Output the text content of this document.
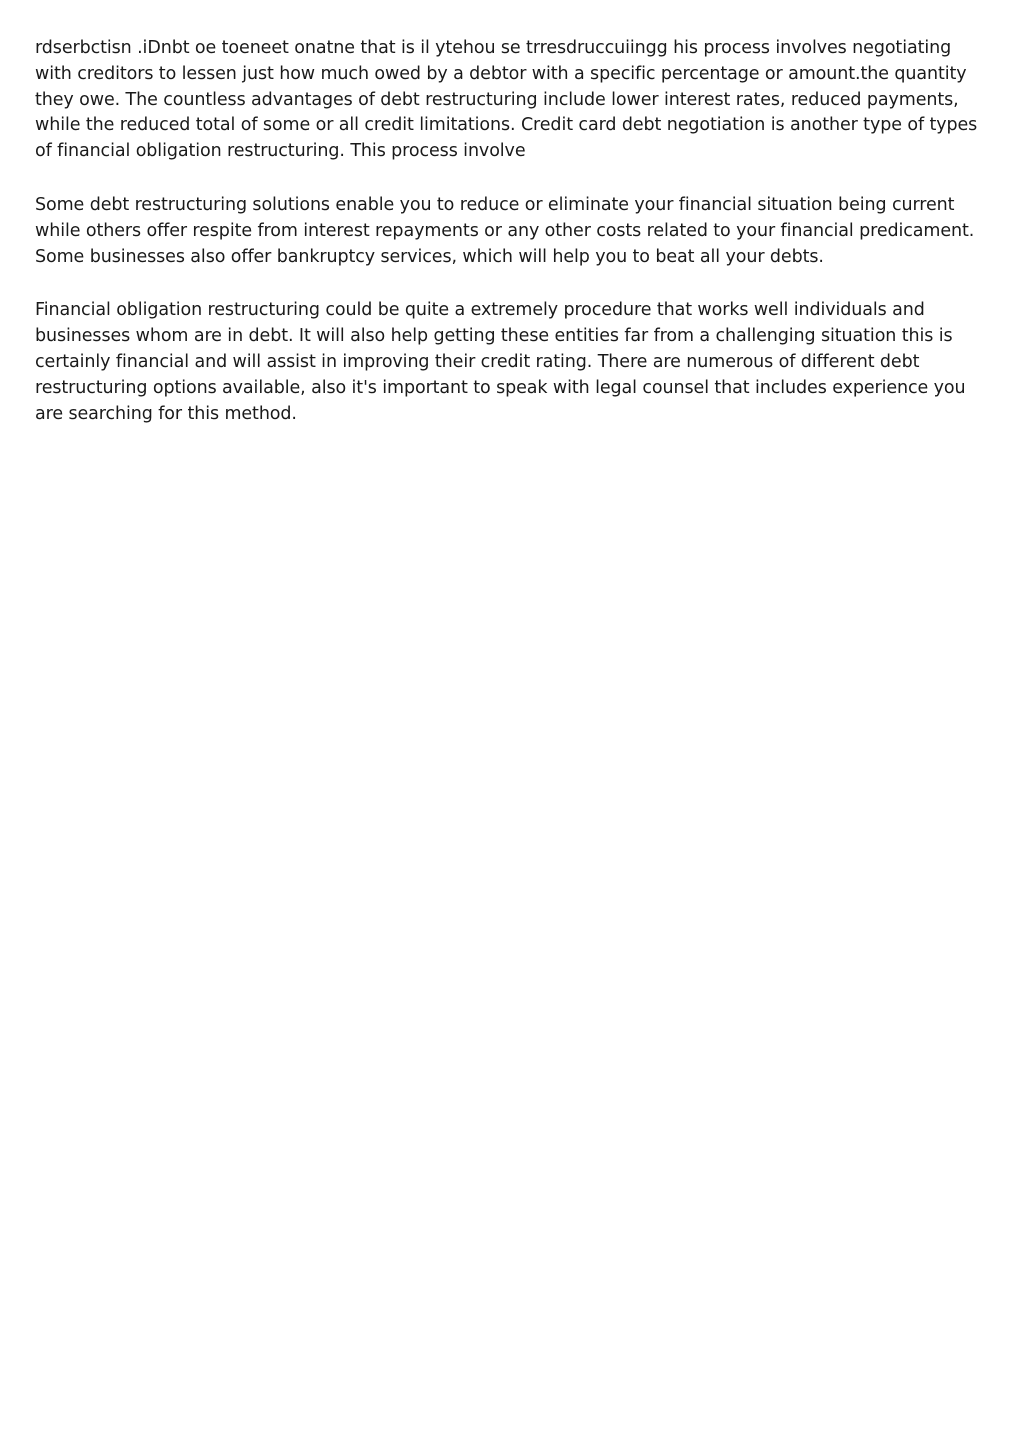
rdserbctisn .iDnbt oe toeneet onatne that is il ytehou se trresdruccuiingg his process involves negotiating with creditors to lessen just how much owed by a debtor with a specific percentage or amount.the quantity they owe. The countless advantages of debt restructuring include lower interest rates, reduced payments, while the reduced total of some or all credit limitations. Credit card debt negotiation is another type of types of financial obligation restructuring. This process involve

Some debt restructuring solutions enable you to reduce or eliminate your financial situation being current while others offer respite from interest repayments or any other costs related to your financial predicament. Some businesses also offer bankruptcy services, which will help you to beat all your debts.

Financial obligation restructuring could be quite a extremely procedure that works well individuals and businesses whom are in debt. It will also help getting these entities far from a challenging situation this is certainly financial and will assist in improving their credit rating. There are numerous of different debt restructuring options available, also it's important to speak with legal counsel that includes experience you are searching for this method.
